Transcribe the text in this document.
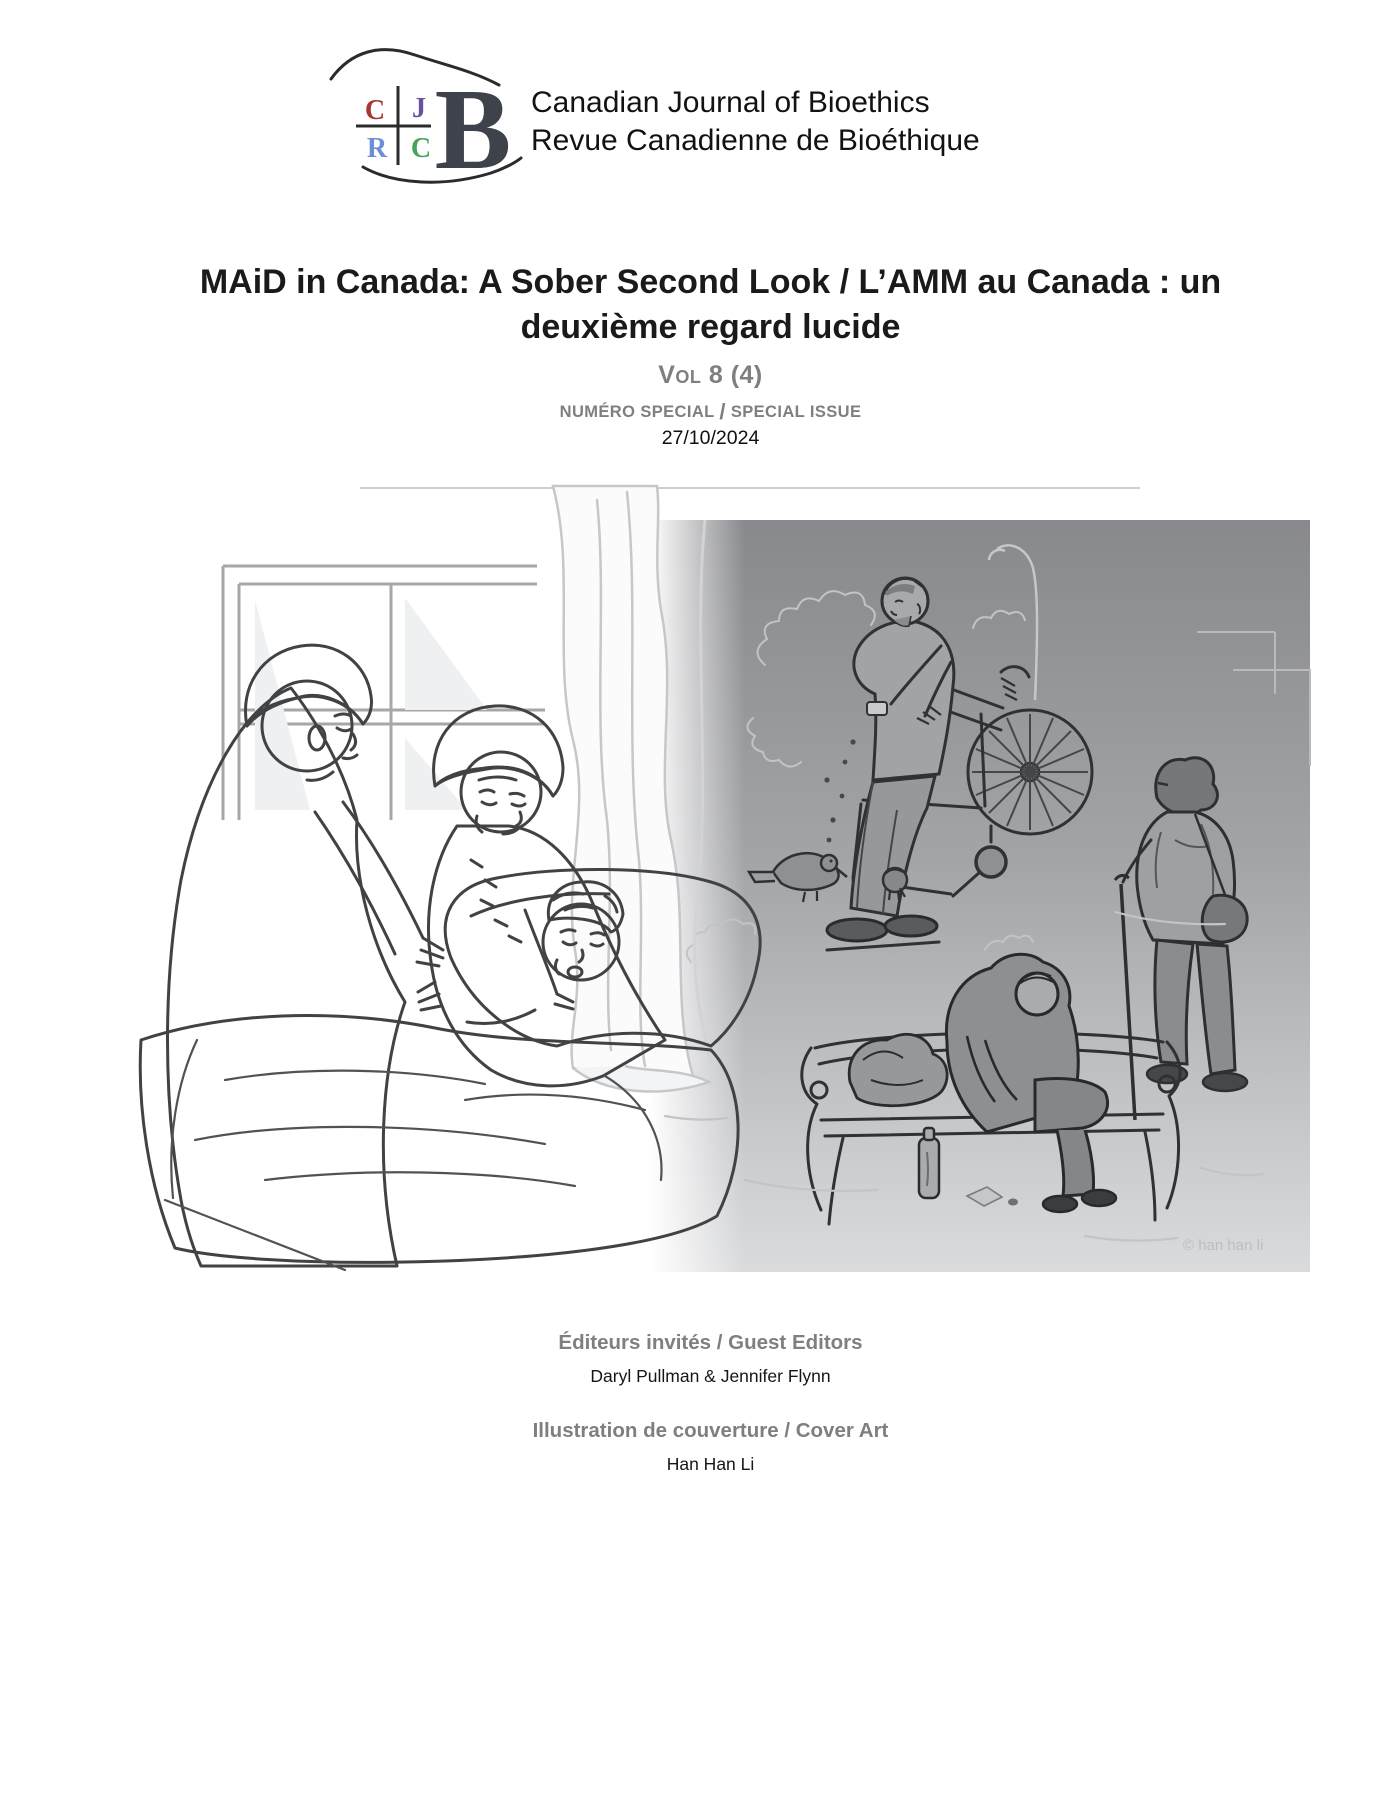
C J
R C B Canadian Journal of Bioethics
Revue Canadienne de Bioéthique
MAiD in Canada: A Sober Second Look / L’AMM au Canada : un
deuxième regard lucide
Vol 8 (4)
NUMÉRO SPECIAL / SPECIAL ISSUE
27/10/2024
© han han li
Éditeurs invités / Guest Editors
Daryl Pullman & Jennifer Flynn
Illustration de couverture / Cover Art
Han Han Li
